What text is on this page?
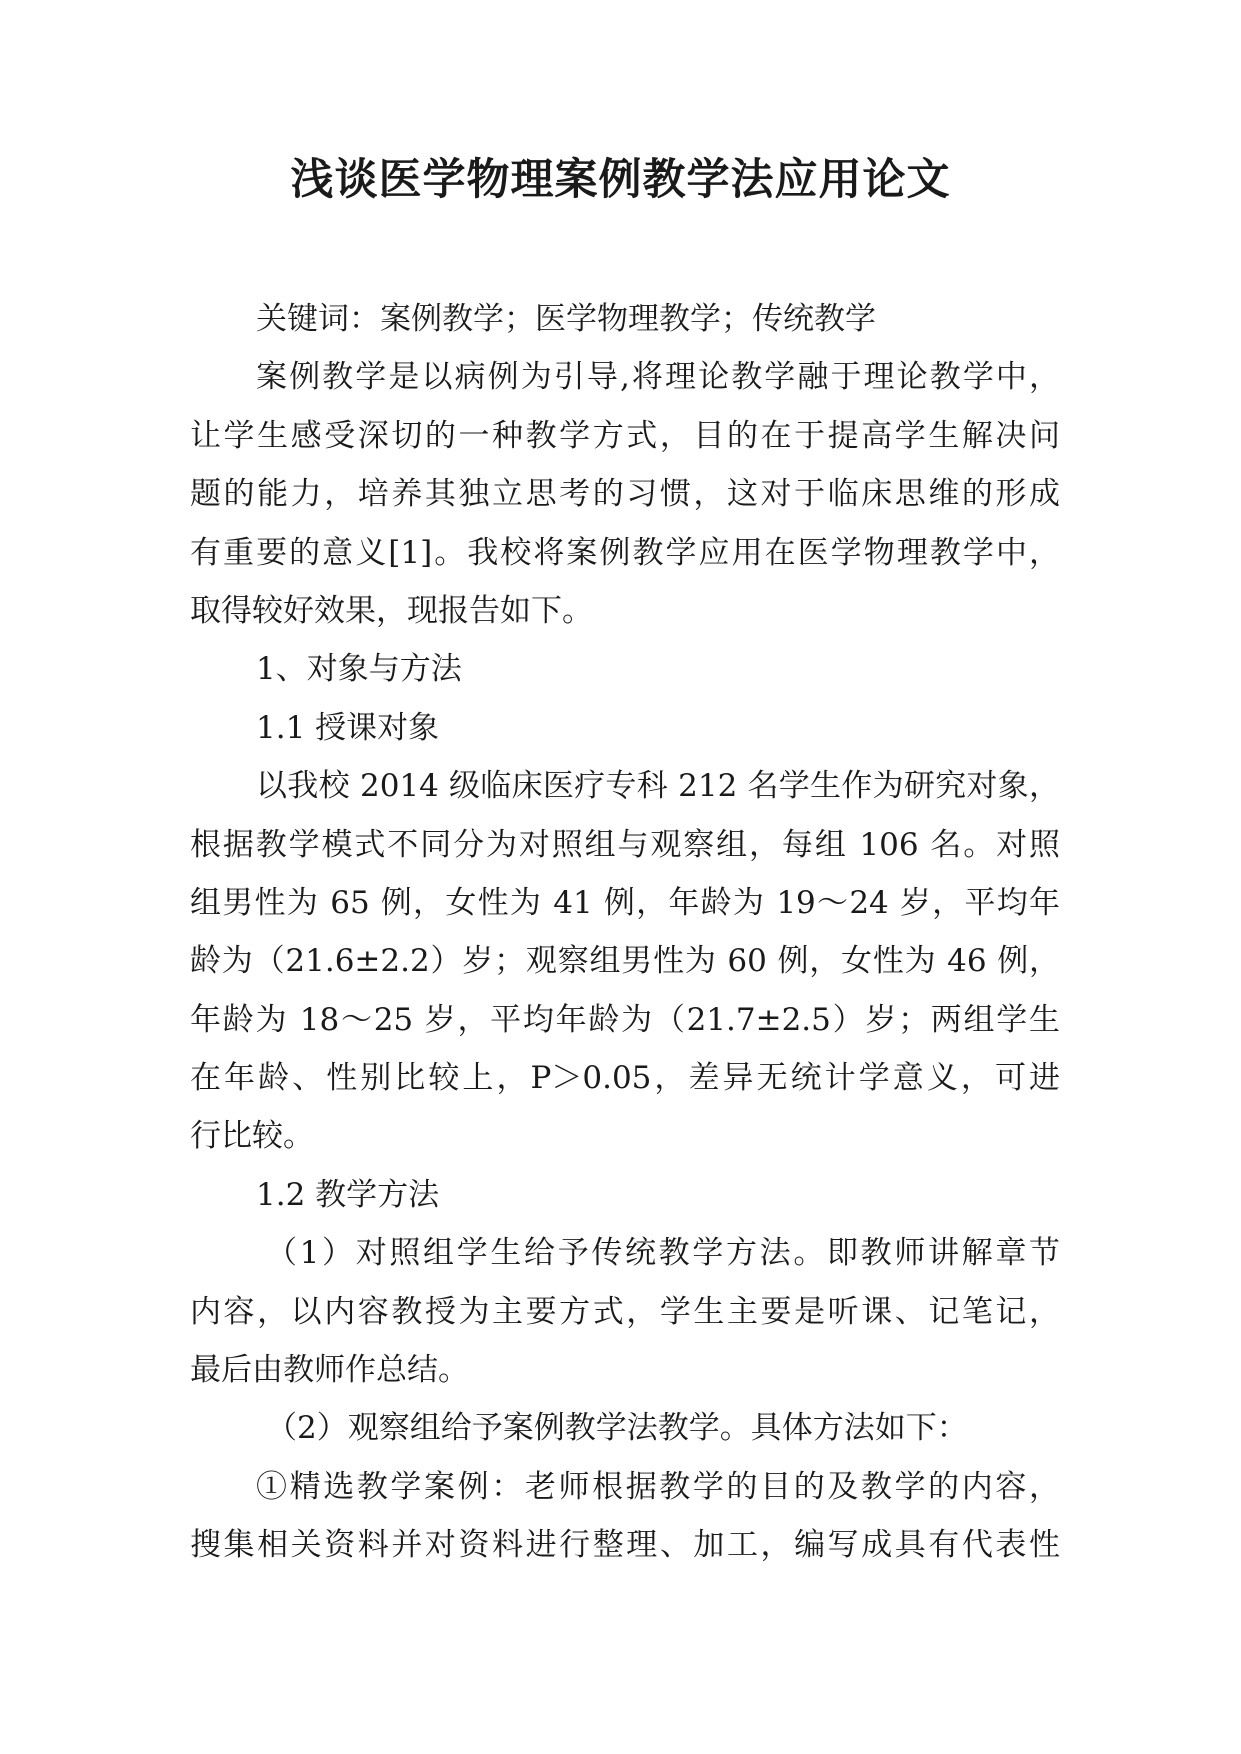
浅谈医学物理案例教学法应用论文
关键词：案例教学；医学物理教学；传统教学
案例教学是以病例为引导,将理论教学融于理论教学中，
让学生感受深切的一种教学方式，目的在于提高学生解决问
题的能力，培养其独立思考的习惯，这对于临床思维的形成
有重要的意义[1]。我校将案例教学应用在医学物理教学中，
取得较好效果，现报告如下。
1、对象与方法
1.1 授课对象
以我校 2014 级临床医疗专科 212 名学生作为研究对象，
根据教学模式不同分为对照组与观察组，每组 106 名。对照
组男性为 65 例，女性为 41 例，年龄为 19～24 岁，平均年
龄为（21.6±2.2）岁；观察组男性为 60 例，女性为 46 例，
年龄为 18～25 岁，平均年龄为（21.7±2.5）岁；两组学生
在年龄、性别比较上，P＞0.05，差异无统计学意义，可进
行比较。
1.2 教学方法
（1）对照组学生给予传统教学方法。即教师讲解章节
内容，以内容教授为主要方式，学生主要是听课、记笔记，
最后由教师作总结。
（2）观察组给予案例教学法教学。具体方法如下：
①精选教学案例：老师根据教学的目的及教学的内容，
搜集相关资料并对资料进行整理、加工，编写成具有代表性
